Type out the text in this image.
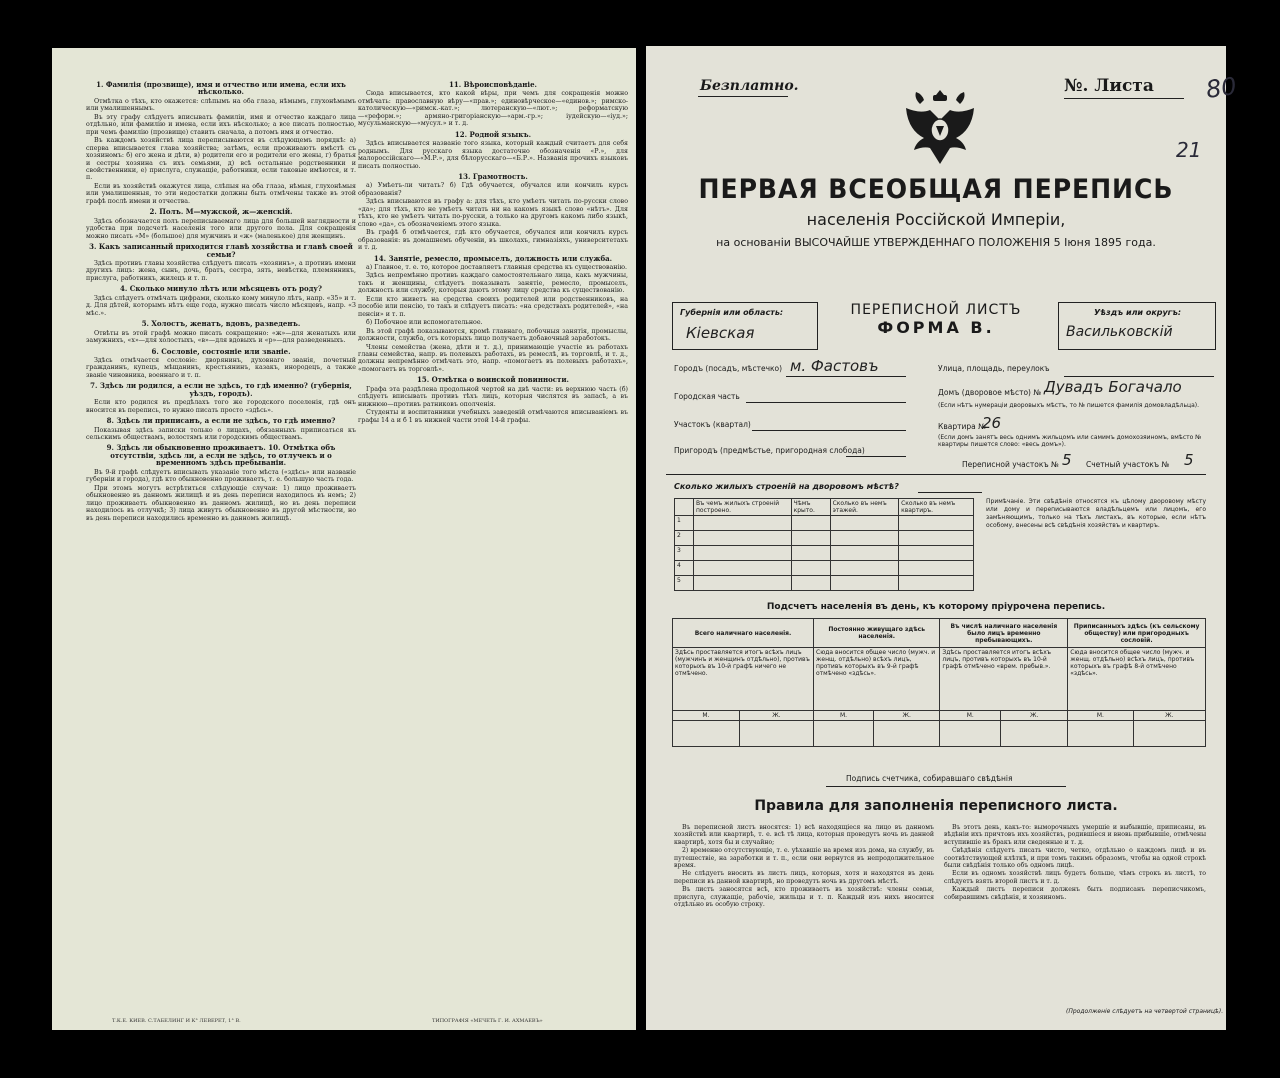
1. Фамилія (прозвище), имя и отчество или имена, если ихъ нѣсколько.

Отмѣтка о тѣхъ, кто окажется: слѣпымъ на оба глаза, нѣмымъ, глухонѣмымъ или умалишеннымъ.

Въ эту графу слѣдуетъ вписывать фамиліи, имя и отчество каждаго лица отдѣльно, или фамилію и имена, если ихъ нѣсколько; а все писать полностью, при чемъ фамилію (прозвище) ставить сначала, а потомъ имя и отчество.

Въ каждомъ хозяйствѣ лица переписываются въ слѣдующемъ порядкѣ: а) сперва вписывается глава хозяйства; затѣмъ, если проживаютъ вмѣстѣ съ хозяиномъ: б) его жена и дѣти, в) родители его и родители его жены, г) братья и сестры хозяина съ ихъ семьями, д) всѣ остальные родственники и свойственники, е) прислуга, служащіе, работники, если таковые имѣются, и т. п.

Если въ хозяйствѣ окажутся лица, слѣпыя на оба глаза, нѣмыя, глухонѣмыя или умалишенныя, то эти недостатки должны быть отмѣчены также въ этой графѣ послѣ имени и отчества.

2. Полъ. М—мужской, ж—женскій.

Здѣсь обозначается полъ переписываемаго лица для большей наглядности и удобства при подсчетѣ населенія того или другого пола. Для сокращенія можно писать «М» (большое) для мужчинъ и «ж» (маленькое) для женщинъ.

3. Какъ записанный приходится главѣ хозяйства и главѣ своей семьи?

Здѣсь противъ главы хозяйства слѣдуетъ писать «хозяинъ», а противъ имени другихъ лицъ: жена, сынъ, дочь, братъ, сестра, зять, невѣстка, племянникъ, прислуга, работникъ, жилецъ и т. п.

4. Сколько минуло лѣтъ или мѣсяцевъ отъ роду?

Здѣсь слѣдуетъ отмѣчать цифрами, сколько кому минуло лѣтъ, напр. «35» и т. д. Для дѣтей, которымъ нѣтъ еще года, нужно писать число мѣсяцевъ, напр. «3 мѣс.».

5. Холостъ, женатъ, вдовъ, разведенъ.

Отвѣты въ этой графѣ можно писать сокращенно: «ж»—для женатыхъ или замужнихъ, «х»—для холостыхъ, «в»—для вдовыхъ и «р»—для разведенныхъ.

6. Сословіе, состояніе или званіе.

Здѣсь отмѣчается сословіе: дворянинъ, духовнаго званія, почетный гражданинъ, купецъ, мѣщанинъ, крестьянинъ, казакъ, инородецъ, а также званіе чиновника, военнаго и т. п.

7. Здѣсь ли родился, а если не здѣсь, то гдѣ именно? (губернія, уѣздъ, городъ).

Если кто родился въ предѣлахъ того же городского поселенія, гдѣ онъ вносится въ перепись, то нужно писать просто «здѣсь».

8. Здѣсь ли приписанъ, а если не здѣсь, то гдѣ именно?

Показывая здѣсь записки только о лицахъ, обязанныхъ приписаться къ сельскимъ обществамъ, волостямъ или городскимъ обществамъ.

9. Здѣсь ли обыкновенно проживаетъ. 10. Отмѣтка объ отсутствіи, здѣсь ли, а если не здѣсь, то отлучекъ и о временномъ здѣсь пребываніи.

Въ 9-й графѣ слѣдуетъ вписывать указаніе того мѣста («здѣсь» или названіе губерніи и города), гдѣ кто обыкновенно проживаетъ, т. е. большую часть года.

При этомъ могутъ встрѣтиться слѣдующіе случаи: 1) лицо проживаетъ обыкновенно въ данномъ жилищѣ и въ день переписи находилось въ немъ; 2) лицо проживаетъ обыкновенно въ данномъ жилищѣ, но въ день переписи находилось въ отлучкѣ; 3) лица живутъ обыкновенно въ другой мѣстности, но въ день переписи находились временно въ данномъ жилищѣ.

11. Вѣроисповѣданіе.

Сюда вписывается, кто какой вѣры, при чемъ для сокращенія можно отмѣчать: православную вѣру—«прав.»; единовѣрческое—«единов.»; римско-католическую—«римск.-кат.»; лютеранскую—«лют.»; реформатскую—«реформ.»; армяно-григоріанскую—«арм.-гр.»; іудейскую—«іуд.»; мусульманскую—«мусул.» и т. д.

12. Родной языкъ.

Здѣсь вписывается названіе того языка, который каждый считаетъ для себя роднымъ. Для русскаго языка достаточно обозначенія «Р.», для малороссійскаго—«М.Р.», для бѣлорусскаго—«Б.Р.». Названія прочихъ языковъ писать полностью.

13. Грамотность.

а) Умѣетъ-ли читать? б) Гдѣ обучается, обучался или кончилъ курсъ образованія?

Здѣсь вписываются въ графу а: для тѣхъ, кто умѣетъ читать по-русски слово «да»; для тѣхъ, кто не умѣетъ читать ни на какомъ языкѣ слово «нѣтъ». Для тѣхъ, кто не умѣетъ читать по-русски, а только на другомъ какомъ либо языкѣ, слово «да», съ обозначеніемъ этого языка.

Въ графѣ б отмѣчается, гдѣ кто обучается, обучался или кончилъ курсъ образованія: въ домашнемъ обученіи, въ школахъ, гимназіяхъ, университетахъ и т. д.

14. Занятіе, ремесло, промыселъ, должность или служба.

а) Главное, т. е. то, которое доставляетъ главныя средства къ существованію.

Здѣсь непремѣнно противъ каждаго самостоятельнаго лица, какъ мужчины, такъ и женщины, слѣдуетъ показывать занятіе, ремесло, промыселъ, должность или службу, которыя даютъ этому лицу средства къ существованію.

Если кто живетъ на средства своихъ родителей или родственниковъ, на пособіе или пенсію, то такъ и слѣдуетъ писать: «на средствахъ родителей», «на пенсіи» и т. п.

б) Побочное или вспомогательное.

Въ этой графѣ показываются, кромѣ главнаго, побочныя занятія, промыслы, должности, служба, отъ которыхъ лицо получаетъ добавочный заработокъ.

Члены семейства (жена, дѣти и т. д.), принимающіе участіе въ работахъ главы семейства, напр. въ полевыхъ работахъ, въ ремеслѣ, въ торговлѣ, и т. д., должны непремѣнно отмѣчать это, напр. «помогаетъ въ полевыхъ работахъ», «помогаетъ въ торговлѣ».

15. Отмѣтка о воинской повинности.

Графа эта раздѣлена продольной чертой на двѣ части: въ верхнюю часть (б) слѣдуетъ вписывать противъ тѣхъ лицъ, которыя числятся въ запасѣ, а въ нижнюю—противъ ратниковъ ополченія.

Студенты и воспитанники учебныхъ заведеній отмѣчаются вписываніемъ въ графы 14 а и б 1 въ нижней части этой 14-й графы.

Т.К.Е. КИЕВ. С.ТАБЕЛИНГ И К° ЛЕВЕРЕТ, 1° В.	ТИПОГРАФІЯ «МЕЧЕТЬ Г. И. АХМАЕВЪ»
Безплатно.	№. Листа 80
21
ПЕРВАЯ ВСЕОБЩАЯ ПЕРЕПИСЬ
населенія Россійской Имперіи,
на основаніи ВЫСОЧАЙШЕ УТВЕРЖДЕННАГО ПОЛОЖЕНІЯ 5 Іюня 1895 года.
Губернія или область:
Кіевская
ПЕРЕПИСНОЙ ЛИСТЪ
ФОРМА В.
Уѣздъ или округъ:
Васильковскій
Городъ (посадъ, мѣстечко) м. Фастовъ	Улица, площадь, переулокъ
Городская часть	Домъ (дворовое мѣсто) № Дувадъ Богачало
(Если нѣтъ нумераціи дворовыхъ мѣстъ, то № пишется фамилія домовладѣльца).
Участокъ (квартал)	Квартира №
26
(Если домъ занятъ весь однимъ жильцомъ или самимъ домохозяиномъ, вмѣсто № квартиры пишется слово: «весь домъ»).
Пригородъ (предмѣстье, пригородная слобода)
Переписной участокъ № 5 Счетный участокъ № 5
Сколько жилыхъ строеній на дворовомъ мѣстѣ?
	Въ чемъ жилыхъ строеній построено.	Чѣмъ крыто.	Сколько въ немъ этажей.	Сколько въ немъ квартиръ.
1				
2				
3				
4				
5				
Примѣчаніе. Эти свѣдѣнія относятся къ цѣлому дворовому мѣсту или дому и переписываются владѣльцемъ или лицомъ, его замѣняющимъ, только на тѣхъ листахъ, въ которые, если нѣтъ особому, внесены всѣ свѣдѣнія хозяйствъ и квартиръ.
Подсчетъ населенія въ день, къ которому пріурочена перепись.
Всего наличнаго населенія.		Постоянно живущаго здѣсь населенія.		Въ числѣ наличнаго населенія было лицъ временно пребывающихъ.		Приписанныхъ здѣсь (къ сельскому обществу) или пригородныхъ сословій.	
Здѣсь проставляется итогъ всѣхъ лицъ (мужчинъ и женщинъ отдѣльно), противъ которыхъ въ 10-й графѣ ничего не отмѣчено.		Сюда вносится общее число (мужч. и женщ. отдѣльно) всѣхъ лицъ, противъ которыхъ въ 9-й графѣ отмѣчено «здѣсь».		Здѣсь проставляется итогъ всѣхъ лицъ, противъ которыхъ въ 10-й графѣ отмѣчено «врем. пребыв.».		Сюда вносится общее число (мужч. и женщ. отдѣльно) всѣхъ лицъ, противъ которыхъ въ графѣ 8-й отмѣчено «здѣсь».	
М.	Ж.	М.	Ж.	М.	Ж.	М.	Ж.

Подпись счетчика, собиравшаго свѣдѣнія
Правила для заполненія переписного листа.

Въ переписной листъ вносятся: 1) всѣ находящіеся на лицо въ данномъ хозяйствѣ или квартирѣ, т. е. всѣ тѣ лица, которыя проведутъ ночь въ данной квартирѣ, хотя бы и случайно;

2) временно отсутствующіе, т. е. уѣхавшіе на время изъ дома, на службу, въ путешествіе, на заработки и т. п., если они вернутся въ непродолжительное время.

Не слѣдуетъ вносить въ листъ лицъ, которыя, хотя и находятся въ день переписи въ данной квартирѣ, но проведутъ ночь въ другомъ мѣстѣ.

Въ листъ заносятся всѣ, кто проживаетъ въ хозяйствѣ: члены семьи, прислуга, служащіе, рабочіе, жильцы и т. п. Каждый изъ нихъ вносится отдѣльно въ особую строку.

Въ этотъ день, какъ-то: выморочныхъ умершіе и выбывшіе, приписаны, въ вѣдѣніи ихъ причтовъ ихъ хозяйствъ, родившіеся и вновь прибывшіе, отмѣчены вступившіе въ бракъ или сведенные и т. д.

Свѣдѣнія слѣдуетъ писать чисто, четко, отдѣльно о каждомъ лицѣ и въ соотвѣтствующей клѣткѣ, и при томъ такимъ образомъ, чтобы на одной строкѣ были свѣдѣнія только объ одномъ лицѣ.

Если въ одномъ хозяйствѣ лицъ будетъ больше, чѣмъ строкъ въ листѣ, то слѣдуетъ взять второй листъ и т. д.

Каждый листъ переписи долженъ быть подписанъ переписчикомъ, собиравшимъ свѣдѣнія, и хозяиномъ.

(Продолженіе слѣдуетъ на четвертой страницѣ).
